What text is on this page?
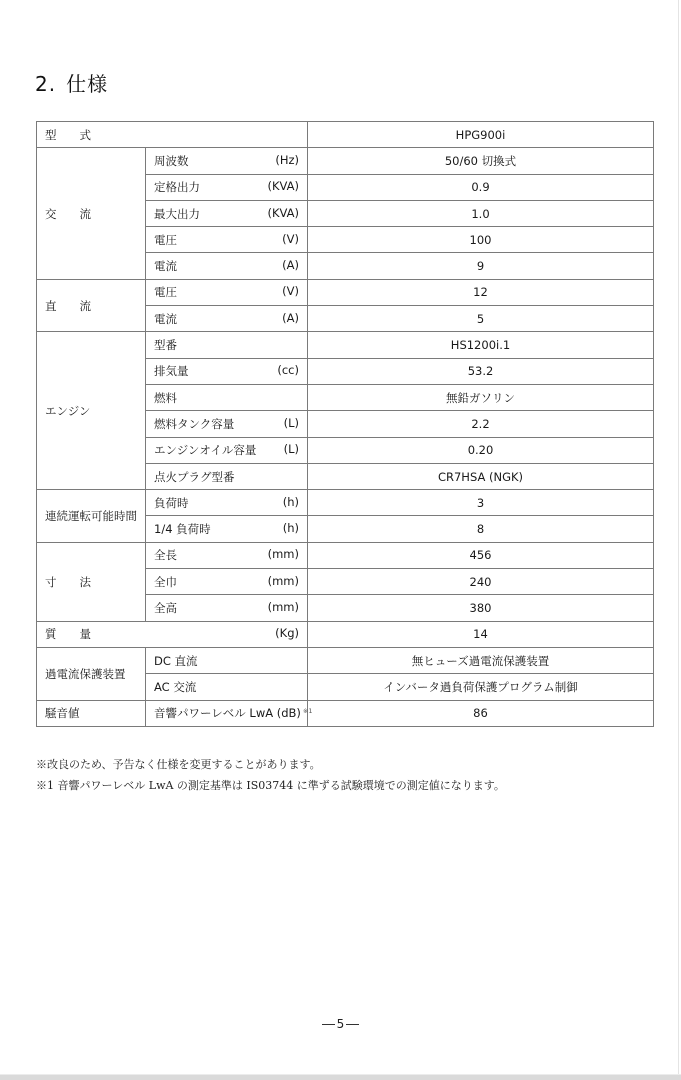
2. 仕様
型　　式		HPG900i
交　　流	周波数 (Hz)	50/60 切換式

	定格出力 (KVA)	0.9

	最大出力 (KVA)	1.0

	電圧 (V)	100

	電流 (A)	9
直　　流	電圧 (V)	12

	電流 (A)	5
エンジン	型番	HS1200i.1

	排気量 (cc)	53.2

	燃料	無鉛ガソリン

	燃料タンク容量 (L)	2.2

	エンジンオイル容量 (L)	0.20

	点火プラグ型番	CR7HSA (NGK)
連続運転可能時間	負荷時 (h)	3

	1/4 負荷時 (h)	8
寸　　法	全長 (mm)	456

	全巾 (mm)	240

	全高 (mm)	380

質　　量 (Kg)		14
過電流保護装置	DC 直流	無ヒューズ過電流保護装置

	AC 交流	インバータ過負荷保護プログラム制御
騒音値	音響パワーレベル LwA (dB) $^{※1}$	86
※改良のため、予告なく仕様を変更することがあります。
※1 音響パワーレベル LwA の測定基準は IS03744 に準ずる試験環境での測定値になります。
5
